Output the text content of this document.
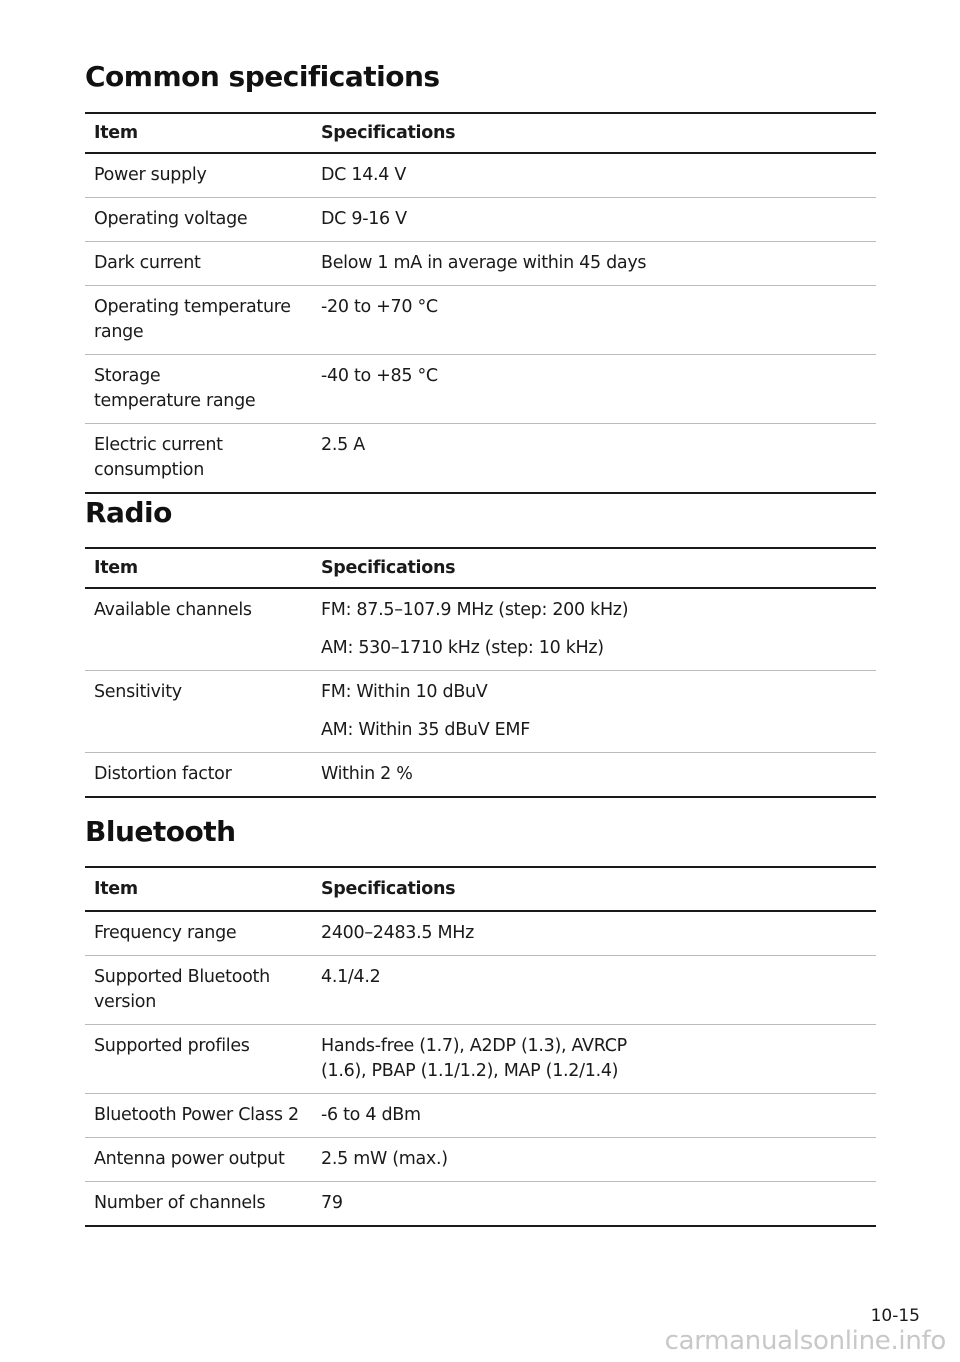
Common specifications
Item	Specifications
Power supply	DC 14.4 V
Operating voltage	DC 9-16 V
Dark current	Below 1 mA in average within 45 days
Operating temperature range	-20 to +70 °C
Storage temperature range	-40 to +85 °C
Electric current consumption	2.5 A
Radio
Item	Specifications
Available channels	FM: 87.5–107.9 MHz (step: 200 kHz)
AM: 530–1710 kHz (step: 10 kHz)

Sensitivity	FM: Within 10 dBuV
AM: Within 35 dBuV EMF

Distortion factor	Within 2 %
Bluetooth
Item	Specifications
Frequency range	2400–2483.5 MHz
Supported Bluetooth version	4.1/4.2
Supported profiles	Hands-free (1.7), A2DP (1.3), AVRCP (1.6), PBAP (1.1/1.2), MAP (1.2/1.4)
Bluetooth Power Class 2	-6 to 4 dBm
Antenna power output	2.5 mW (max.)
Number of channels	79
10-15
carmanualsonline.info
